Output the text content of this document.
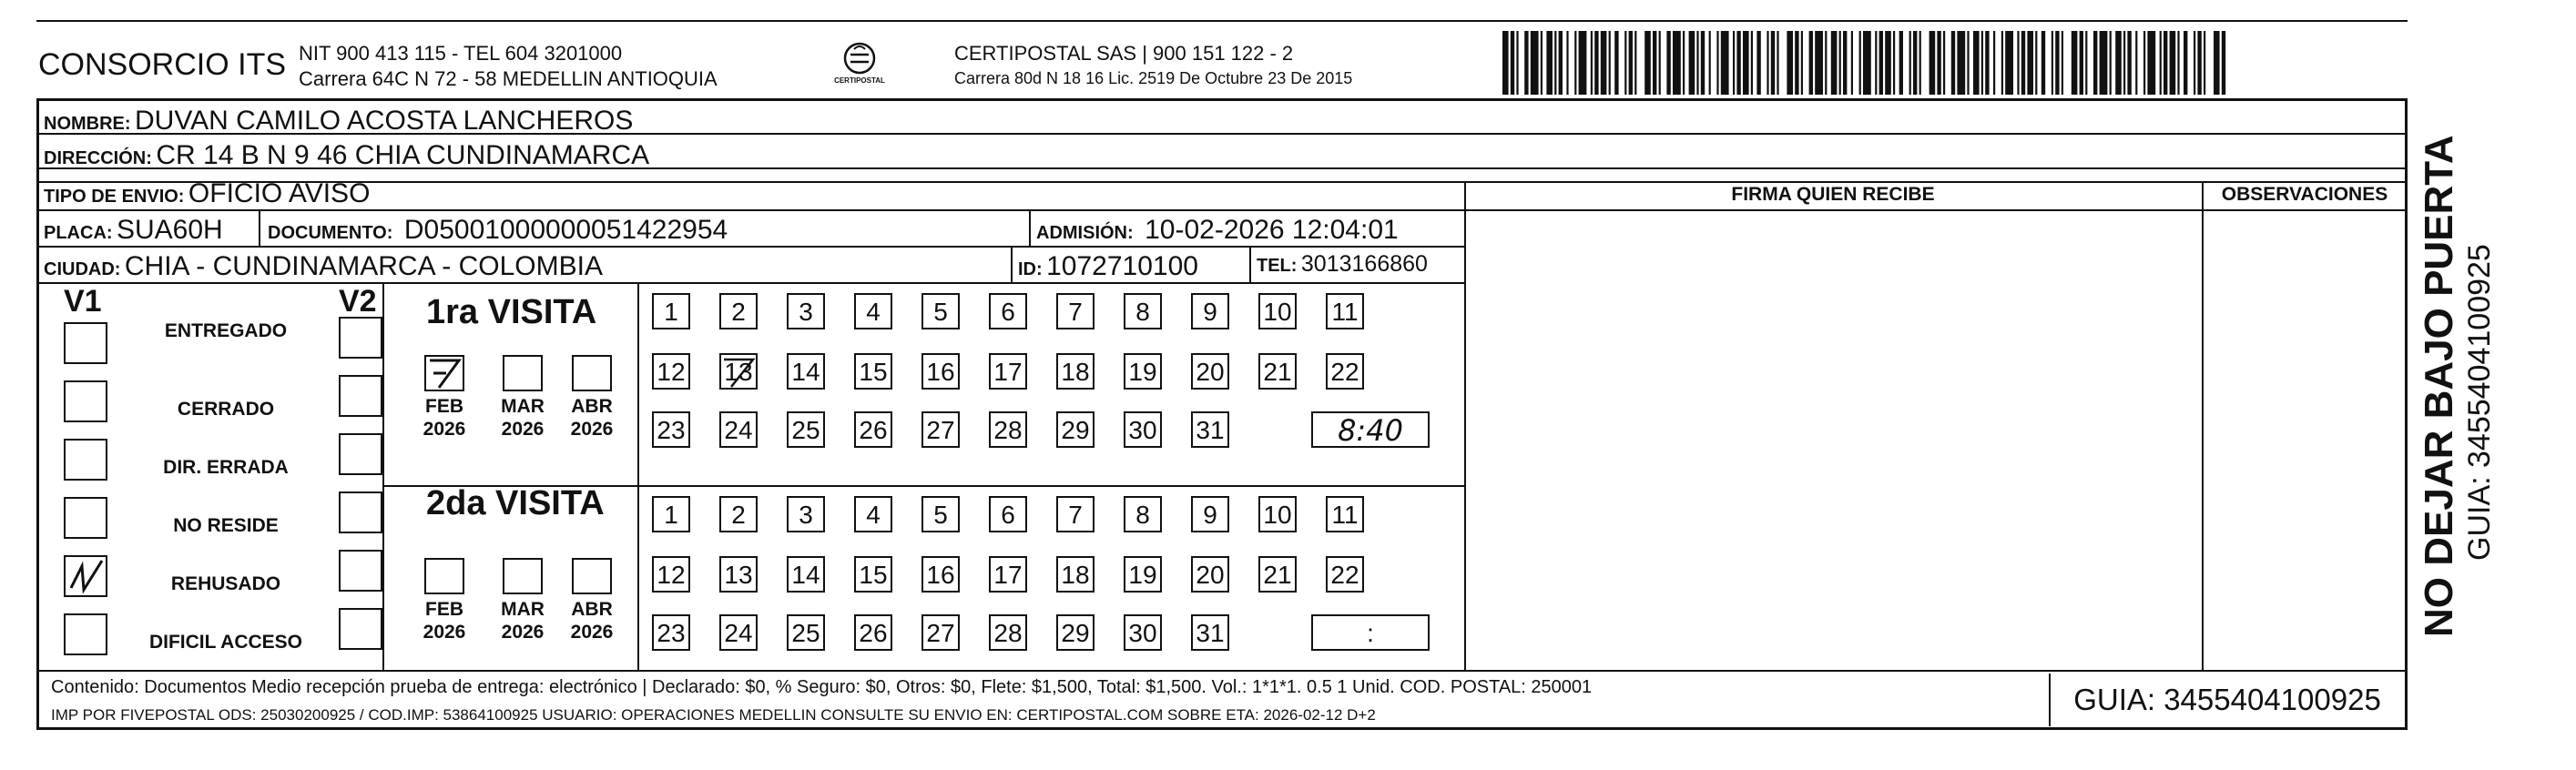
CONSORCIO ITS NIT 900 413 115 - TEL 604 3201000
Carrera 64C N 72 - 58 MEDELLIN ANTIOQUIA	CERTIPOSTAL
CERTIPOSTAL SAS | 900 151 122 - 2
Carrera 80d N 18 16 Lic. 2519 De Octubre 23 De 2015
NOMBRE: DUVAN CAMILO ACOSTA LANCHEROS
DIRECCIÓN: CR 14 B N 9 46 CHIA CUNDINAMARCA
TIPO DE ENVIO: OFICIO AVISO	FIRMA QUIEN RECIBE	OBSERVACIONES
PLACA: SUA60H DOCUMENTO: D05001000000051422954	ADMISIÓN: 10-02-2026 12:04:01
CIUDAD: CHIA - CUNDINAMARCA - COLOMBIA	ID: 1072710100	TEL: 3013166860
V1	V2
ENTREGADO
CERRADO
DIR. ERRADA
NO RESIDE
REHUSADO
DIFICIL ACCESO
1ra VISITA
2da VISITA
FEB
2026
MAR
2026
ABR
2026
1	2	3	4	5	6	7	8	9	10 11
12 13 14 15 16 17 18 19 20 21 22
23 24 25 26 27 28 29 30 31	8:40
FEB
2026
MAR
2026
ABR
2026
1	2	3	4	5	6	7	8	9	10 11
12 13 14 15 16 17 18 19 20 21 22
23 24 25 26 27 28 29 30 31	:
Contenido: Documentos Medio recepción prueba de entrega: electrónico | Declarado: $0, % Seguro: $0, Otros: $0, Flete: $1,500, Total: $1,500. Vol.: 1*1*1. 0.5 1 Unid. COD. POSTAL: 250001
IMP POR FIVEPOSTAL ODS: 25030200925 / COD.IMP: 53864100925 USUARIO: OPERACIONES MEDELLIN CONSULTE SU ENVIO EN: CERTIPOSTAL.COM SOBRE ETA: 2026-02-12 D+2	GUIA: 3455404100925
NO DEJAR BAJO PUERTA GUIA: 3455404100925
